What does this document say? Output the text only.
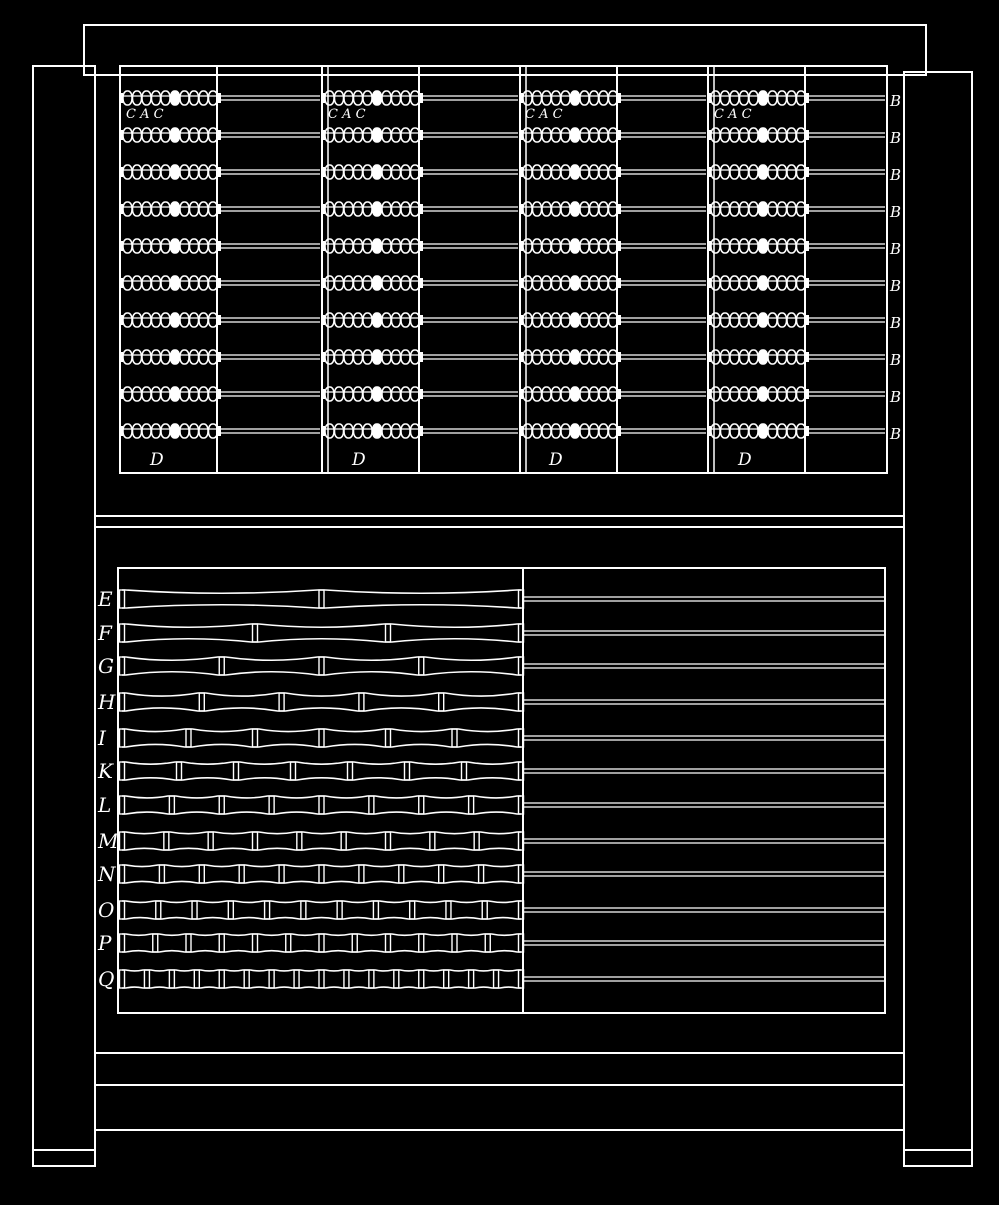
C A C
D
C A C
D
C A C
D
C A C
D
B
B
B
B
B
B
B
B
B
B
E
F
G
H
I
K
L
M
N
O
P
Q
